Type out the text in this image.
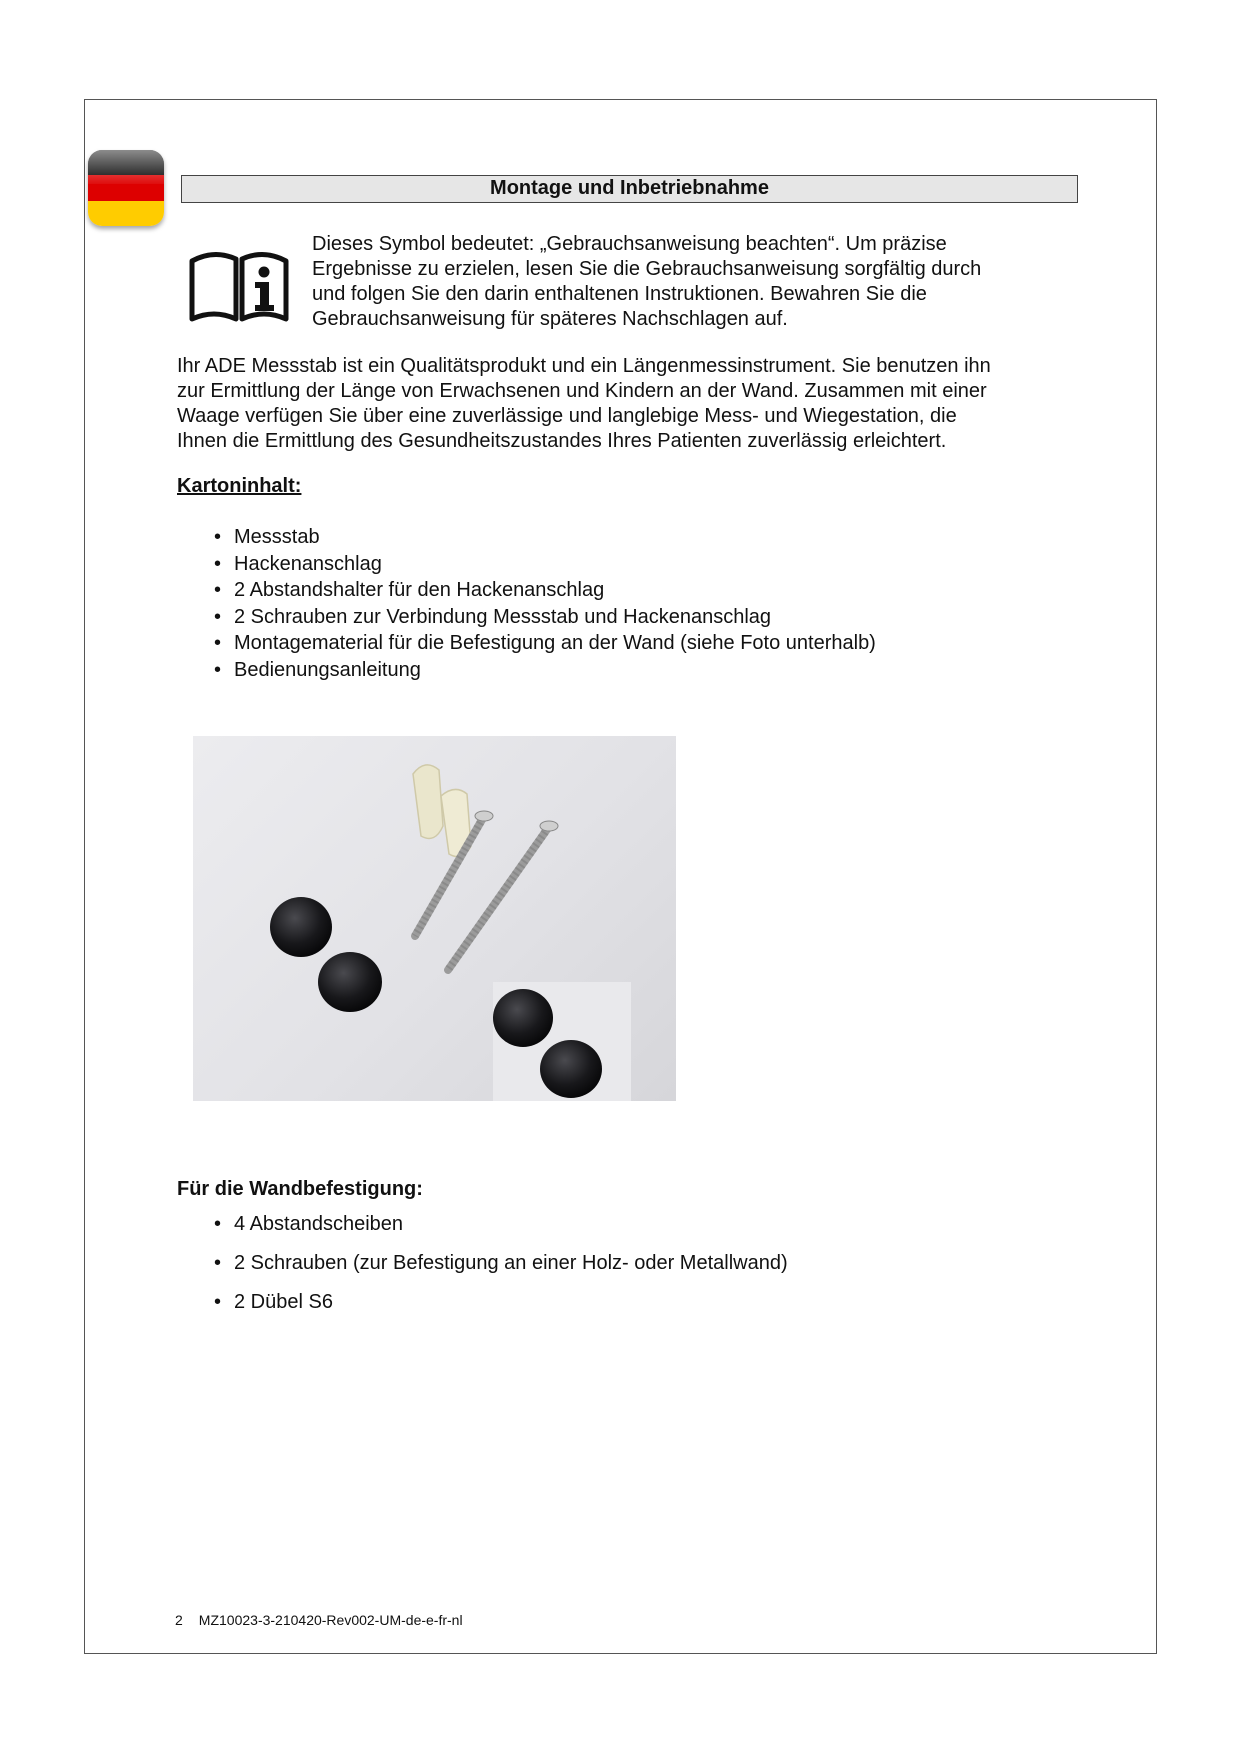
Montage und Inbetriebnahme
Dieses Symbol bedeutet: „Gebrauchsanweisung beachten“. Um präzise
Ergebnisse zu erzielen, lesen Sie die Gebrauchsanweisung sorgfältig durch
und folgen Sie den darin enthaltenen Instruktionen. Bewahren Sie die
Gebrauchsanweisung für späteres Nachschlagen auf.
Ihr ADE Messstab ist ein Qualitätsprodukt und ein Längenmessinstrument. Sie benutzen ihn
zur Ermittlung der Länge von Erwachsenen und Kindern an der Wand. Zusammen mit einer
Waage verfügen Sie über eine zuverlässige und langlebige Mess- und Wiegestation, die
Ihnen die Ermittlung des Gesundheitszustandes Ihres Patienten zuverlässig erleichtert.
Kartoninhalt:
• Messstab
• Hackenanschlag
• 2 Abstandshalter für den Hackenanschlag
• 2 Schrauben zur Verbindung Messstab und Hackenanschlag
• Montagematerial für die Befestigung an der Wand (siehe Foto unterhalb)
• Bedienungsanleitung
Für die Wandbefestigung:
• 4 Abstandscheiben
• 2 Schrauben (zur Befestigung an einer Holz- oder Metallwand)
• 2 Dübel S6
2 MZ10023-3-210420-Rev002-UM-de-e-fr-nl
